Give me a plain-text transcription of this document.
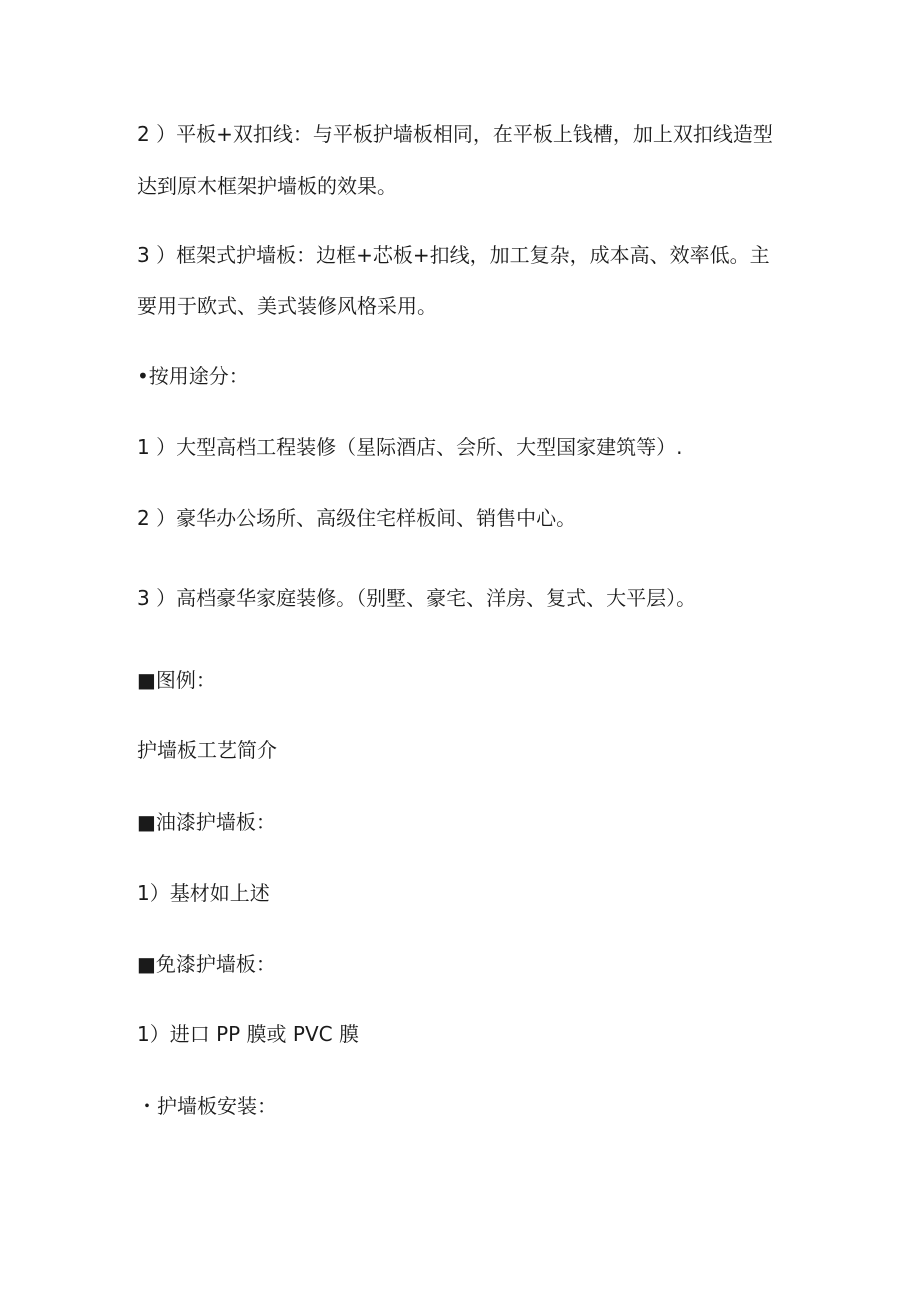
2 ）平板+双扣线：与平板护墙板相同，在平板上钱槽，加上双扣线造型
达到原木框架护墙板的效果。
3 ）框架式护墙板：边框+芯板+扣线，加工复杂，成本高、效率低。主
要用于欧式、美式装修风格采用。
•按用途分：
1 ）大型高档工程装修（星际酒店、会所、大型国家建筑等）.
2 ）豪华办公场所、高级住宅样板间、销售中心。
3 ）高档豪华家庭装修。（别墅、豪宅、洋房、复式、大平层）。
■图例：
护墙板工艺简介
■油漆护墙板：
1）基材如上述
■免漆护墙板：
1）进口 PP 膜或 PVC 膜
・护墙板安装：
